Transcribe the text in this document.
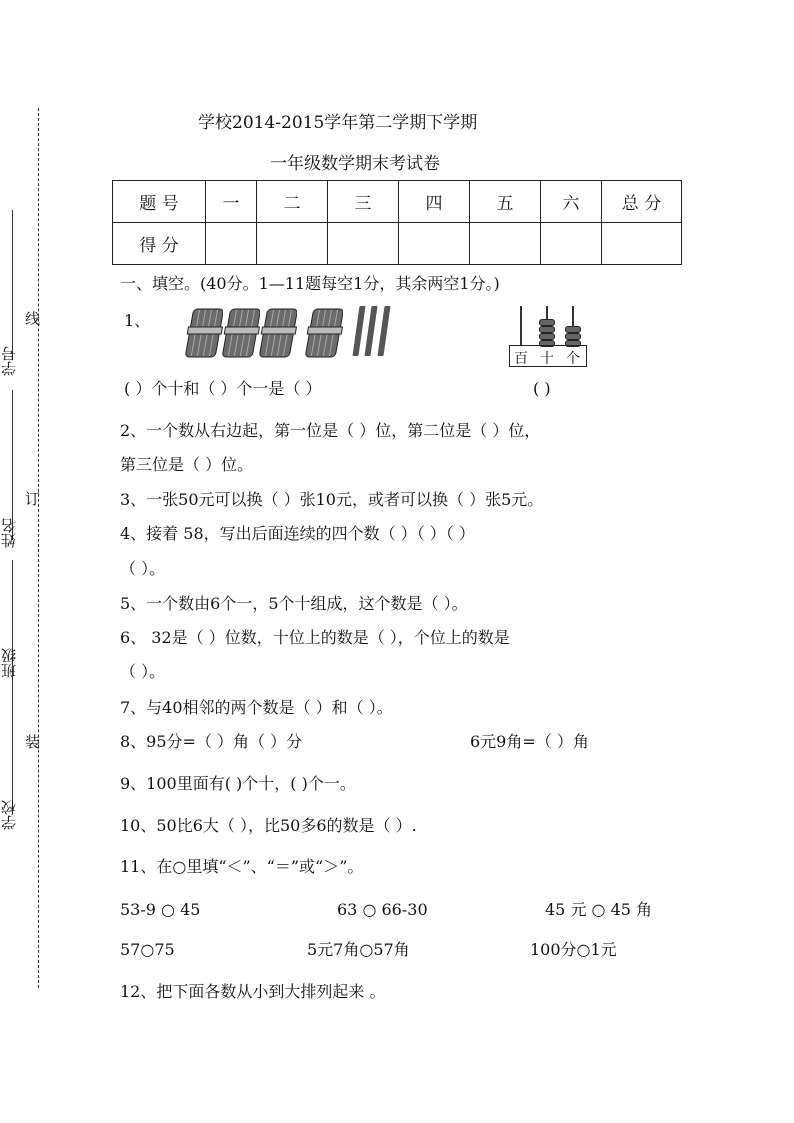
学号
姓名
班级
学校
线
订
装
学校2014-2015学年第二学期下学期
一年级数学期末考试卷
题 号	一	二	三	四	五	六	总 分
得 分							
一、填空。(40分。1—11题每空1分，其余两空1分。)
1、
百 十 个
( ）个十和（ ）个一是（ ）	( )
2、一个数从右边起，第一位是（ ）位，第二位是（ ）位，
第三位是（ ）位。
3、一张50元可以换（ ）张10元，或者可以换（ ）张5元。
4、接着 58，写出后面连续的四个数（ ）（ ）（ ）
（ ）。
5、一个数由6个一，5个十组成，这个数是（ ）。
6、 32是（ ）位数，十位上的数是（ ），个位上的数是
（ ）。
7、与40相邻的两个数是（ ）和（ ）。
8、95分=（ ）角（ ）分	6元9角=（ ）角
9、100里面有( )个十，( )个一。
10、50比6大（ ），比50多6的数是（ ）.
11、在○里填“＜”、“＝”或“＞”。
53-9 ○ 45	63 ○ 66-30	45 元 ○ 45 角
57○75	5元7角○57角	100分○1元
12、把下面各数从小到大排列起来 。
